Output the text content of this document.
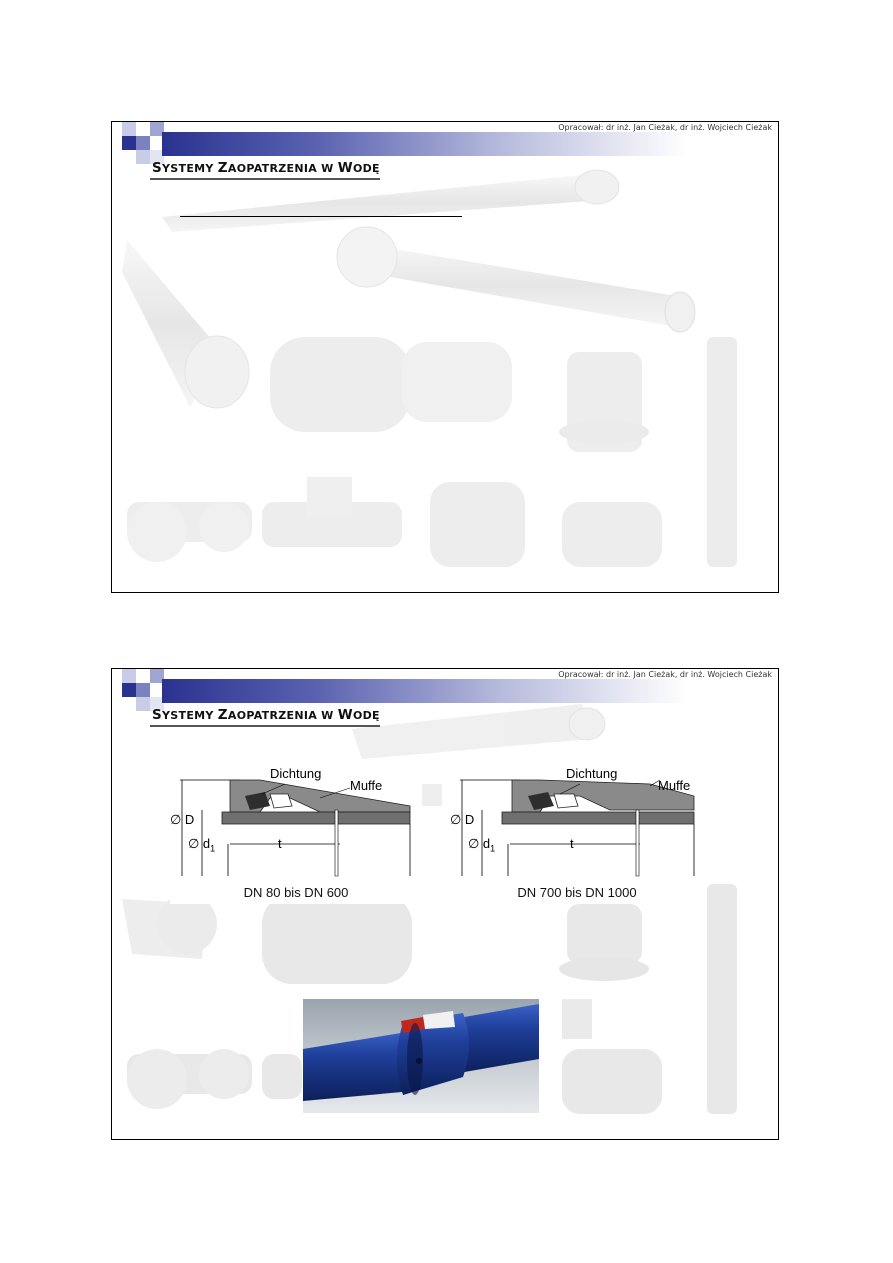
Opracował: dr inż. Jan Cieżak, dr inż. Wojciech Cieżak
SYSTEMY ZAOPATRZENIA W WODĘ
Opracował: dr inż. Jan Cieżak, dr inż. Wojciech Cieżak
SYSTEMY ZAOPATRZENIA W WODĘ
Dichtung
Muffe
∅ D
∅ $d_1$	t
DN 80 bis DN 600
Dichtung
Muffe
∅ D
∅ $d_1$	t
DN 700 bis DN 1000
